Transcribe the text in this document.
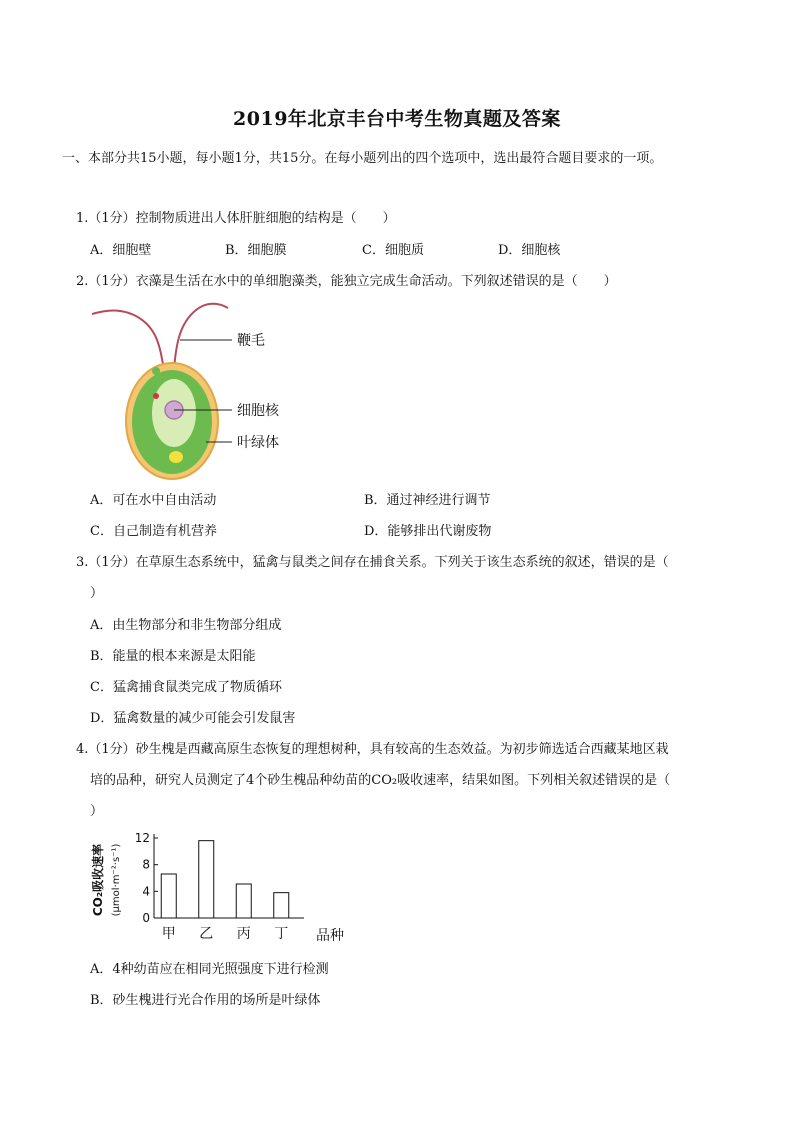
2019年北京丰台中考生物真题及答案
一、本部分共15小题，每小题1分，共15分。在每小题列出的四个选项中，选出最符合题目要求的一项。
1.（1分）控制物质进出人体肝脏细胞的结构是（　　）
A．细胞壁	B．细胞膜	C．细胞质	D．细胞核
2.（1分）衣藻是生活在水中的单细胞藻类，能独立完成生命活动。下列叙述错误的是（　　）
鞭毛
细胞核
叶绿体
A．可在水中自由活动	B．通过神经进行调节
C．自己制造有机营养	D．能够排出代谢废物
3.（1分）在草原生态系统中，猛禽与鼠类之间存在捕食关系。下列关于该生态系统的叙述，错误的是（
）
A．由生物部分和非生物部分组成
B．能量的根本来源是太阳能
C．猛禽捕食鼠类完成了物质循环
D．猛禽数量的减少可能会引发鼠害
4.（1分）砂生槐是西藏高原生态恢复的理想树种，具有较高的生态效益。为初步筛选适合西藏某地区栽
培的品种，研究人员测定了4个砂生槐品种幼苗的CO₂吸收速率，结果如图。下列相关叙述错误的是（
）
CO₂吸收速率 (μmol·m⁻²·s⁻¹)
0
4
8
12
甲 乙 丙 丁 品种
A．4种幼苗应在相同光照强度下进行检测
B．砂生槐进行光合作用的场所是叶绿体
